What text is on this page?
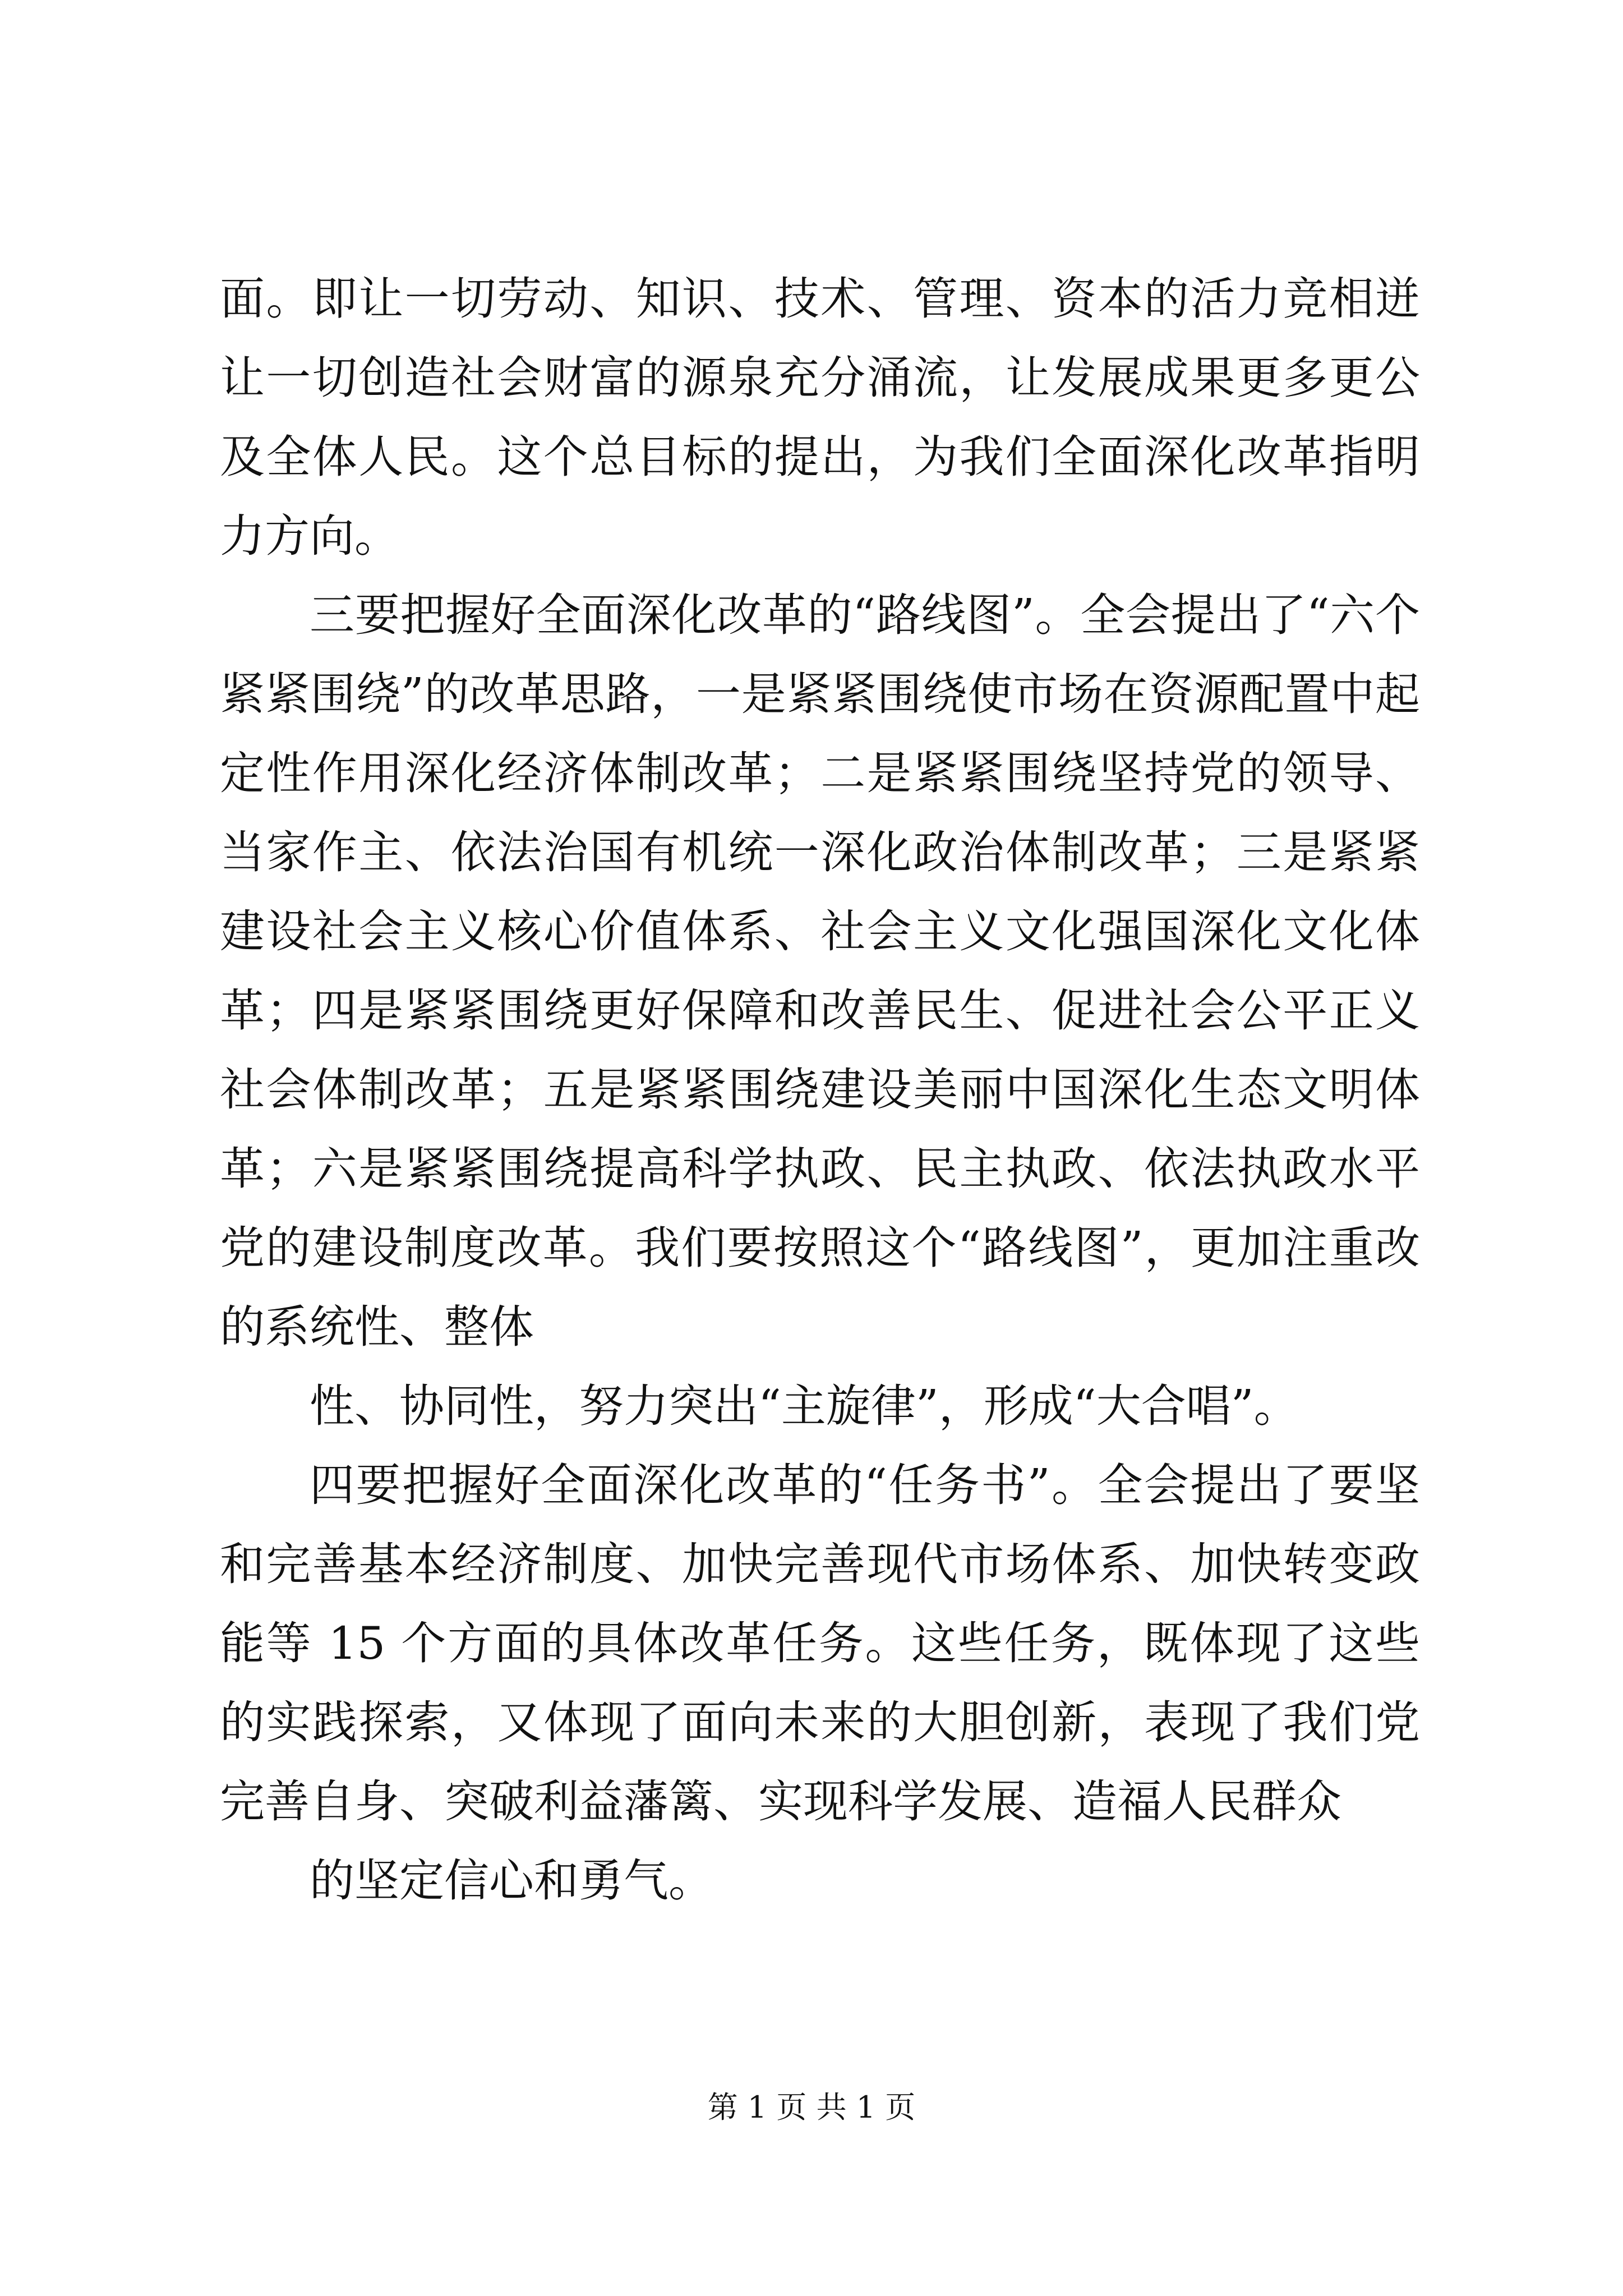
面。即让一切劳动、知识、技术、管理、资本的活力竞相迸
让一切创造社会财富的源泉充分涌流，让发展成果更多更公
及全体人民。这个总目标的提出，为我们全面深化改革指明
力方向。
三要把握好全面深化改革的“路线图”。全会提出了“六个
紧紧围绕”的改革思路，一是紧紧围绕使市场在资源配置中起
定性作用深化经济体制改革；二是紧紧围绕坚持党的领导、
当家作主、依法治国有机统一深化政治体制改革；三是紧紧
建设社会主义核心价值体系、社会主义文化强国深化文化体
革；四是紧紧围绕更好保障和改善民生、促进社会公平正义
社会体制改革；五是紧紧围绕建设美丽中国深化生态文明体
革；六是紧紧围绕提高科学执政、民主执政、依法执政水平
党的建设制度改革。我们要按照这个“路线图”，更加注重改
的系统性、整体
性、协同性，努力突出“主旋律”，形成“大合唱”。
四要把握好全面深化改革的“任务书”。全会提出了要坚
和完善基本经济制度、加快完善现代市场体系、加快转变政
能等 15 个方面的具体改革任务。这些任务，既体现了这些
的实践探索，又体现了面向未来的大胆创新，表现了我们党
完善自身、突破利益藩篱、实现科学发展、造福人民群众
的坚定信心和勇气。
第 1 页 共 1 页
